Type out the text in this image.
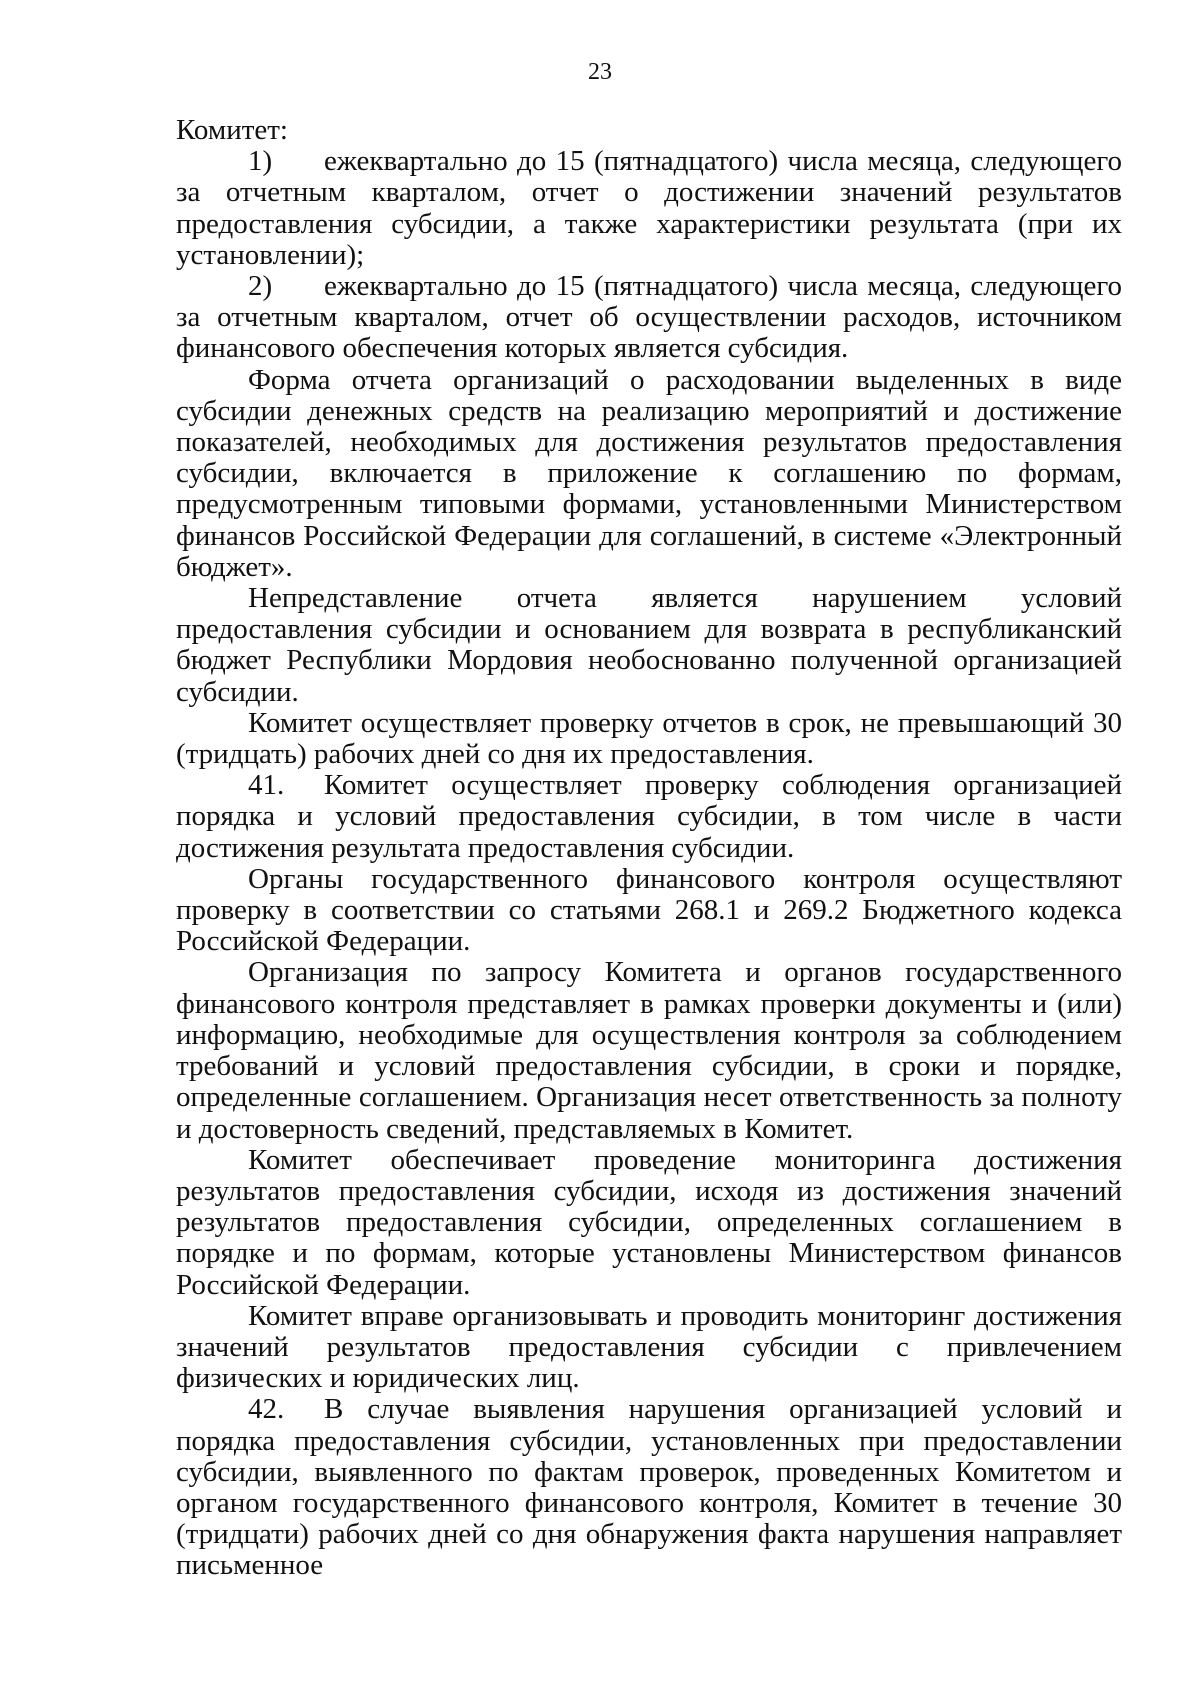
23

Комитет:

1) ежеквартально до 15 (пятнадцатого) числа месяца, следующего за отчетным кварталом, отчет о достижении значений результатов предоставления субсидии, а также характеристики результата (при их установлении);

2) ежеквартально до 15 (пятнадцатого) числа месяца, следующего за отчетным кварталом, отчет об осуществлении расходов, источником финансового обеспечения которых является субсидия.

Форма отчета организаций о расходовании выделенных в виде субсидии денежных средств на реализацию мероприятий и достижение показателей, необходимых для достижения результатов предоставления субсидии, включается в приложение к соглашению по формам, предусмотренным типовыми формами, установленными Министерством финансов Российской Федерации для соглашений, в системе «Электронный бюджет».

Непредставление отчета является нарушением условий предоставления субсидии и основанием для возврата в республиканский бюджет Республики Мордовия необоснованно полученной организацией субсидии.

Комитет осуществляет проверку отчетов в срок, не превышающий 30 (тридцать) рабочих дней со дня их предоставления.

41. Комитет осуществляет проверку соблюдения организацией порядка и условий предоставления субсидии, в том числе в части достижения результата предоставления субсидии.

Органы государственного финансового контроля осуществляют проверку в соответствии со статьями 268.1 и 269.2 Бюджетного кодекса Российской Федерации.

Организация по запросу Комитета и органов государственного финансового контроля представляет в рамках проверки документы и (или) информацию, необходимые для осуществления контроля за соблюдением требований и условий предоставления субсидии, в сроки и порядке, определенные соглашением. Организация несет ответственность за полноту и достоверность сведений, представляемых в Комитет.

Комитет обеспечивает проведение мониторинга достижения результатов предоставления субсидии, исходя из достижения значений результатов предоставления субсидии, определенных соглашением в порядке и по формам, которые установлены Министерством финансов Российской Федерации.

Комитет вправе организовывать и проводить мониторинг достижения значений результатов предоставления субсидии с привлечением физических и юридических лиц.

42. В случае выявления нарушения организацией условий и порядка предоставления субсидии, установленных при предоставлении субсидии, выявленного по фактам проверок, проведенных Комитетом и органом государственного финансового контроля, Комитет в течение 30 (тридцати) рабочих дней со дня обнаружения факта нарушения направляет письменное
